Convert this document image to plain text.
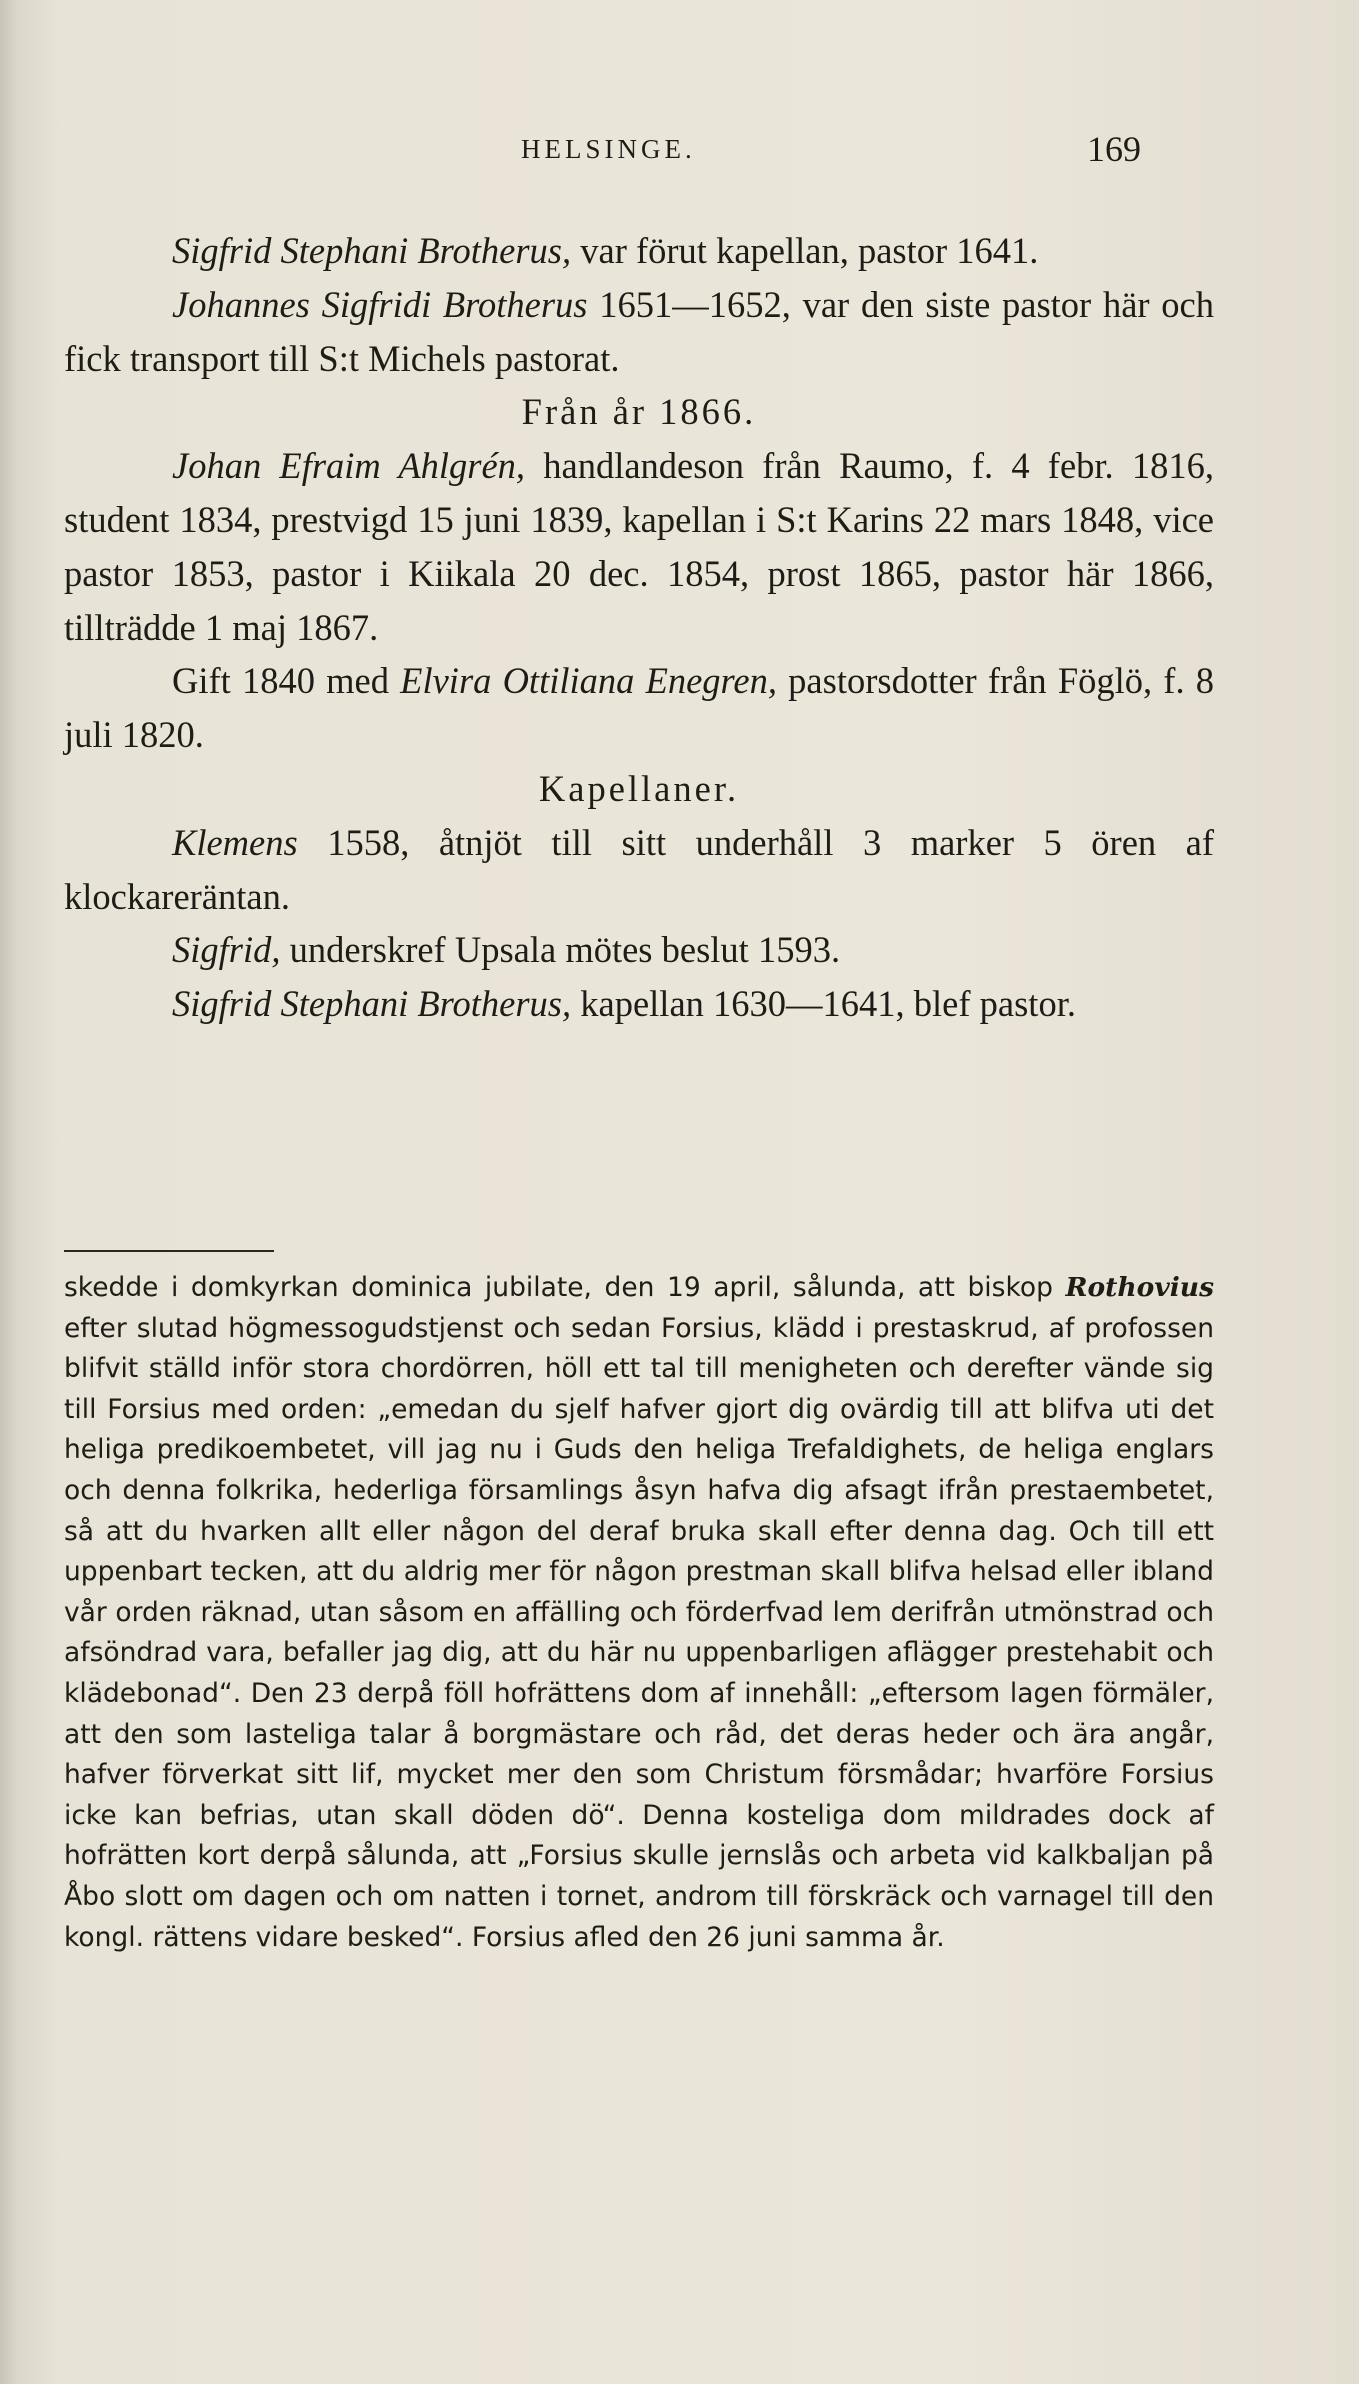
HELSINGE.	169

Sigfrid Stephani Brotherus, var förut kapellan, pastor 1641.

Johannes Sigfridi Brotherus 1651—1652, var den siste pastor här och fick transport till S:t Michels pastorat.

Från år 1866.

Johan Efraim Ahlgrén, handlandeson från Raumo, f. 4 febr. 1816, student 1834, prestvigd 15 juni 1839, kapellan i S:t Karins 22 mars 1848, vice pastor 1853, pastor i Kiikala 20 dec. 1854, prost 1865, pastor här 1866, tillträdde 1 maj 1867.

Gift 1840 med Elvira Ottiliana Enegren, pastorsdotter från Föglö, f. 8 juli 1820.

Kapellaner.

Klemens 1558, åtnjöt till sitt underhåll 3 marker 5 ören af klockareräntan.

Sigfrid, underskref Upsala mötes beslut 1593.

Sigfrid Stephani Brotherus, kapellan 1630—1641, blef pastor.

skedde i domkyrkan dominica jubilate, den 19 april, sålunda, att biskop Rothovius efter slutad högmessogudstjenst och sedan Forsius, klädd i prestaskrud, af profossen blifvit ställd inför stora chordörren, höll ett tal till menigheten och derefter vände sig till Forsius med orden: „emedan du sjelf hafver gjort dig ovärdig till att blifva uti det heliga predikoembetet, vill jag nu i Guds den heliga Trefaldighets, de heliga englars och denna folkrika, hederliga församlings åsyn hafva dig afsagt ifrån prestaembetet, så att du hvarken allt eller någon del deraf bruka skall efter denna dag. Och till ett uppenbart tecken, att du aldrig mer för någon prestman skall blifva helsad eller ibland vår orden räknad, utan såsom en affälling och förderfvad lem derifrån utmönstrad och afsöndrad vara, befaller jag dig, att du här nu uppenbarligen aflägger prestehabit och klädebonad“. Den 23 derpå föll hofrättens dom af innehåll: „eftersom lagen förmäler, att den som lasteliga talar å borgmästare och råd, det deras heder och ära angår, hafver förverkat sitt lif, mycket mer den som Christum försmådar; hvarföre Forsius icke kan befrias, utan skall döden dö“. Denna kosteliga dom mildrades dock af hofrätten kort derpå sålunda, att „Forsius skulle jernslås och arbeta vid kalkbaljan på Åbo slott om dagen och om natten i tornet, androm till förskräck och varnagel till den kongl. rättens vidare besked“. Forsius afled den 26 juni samma år.
